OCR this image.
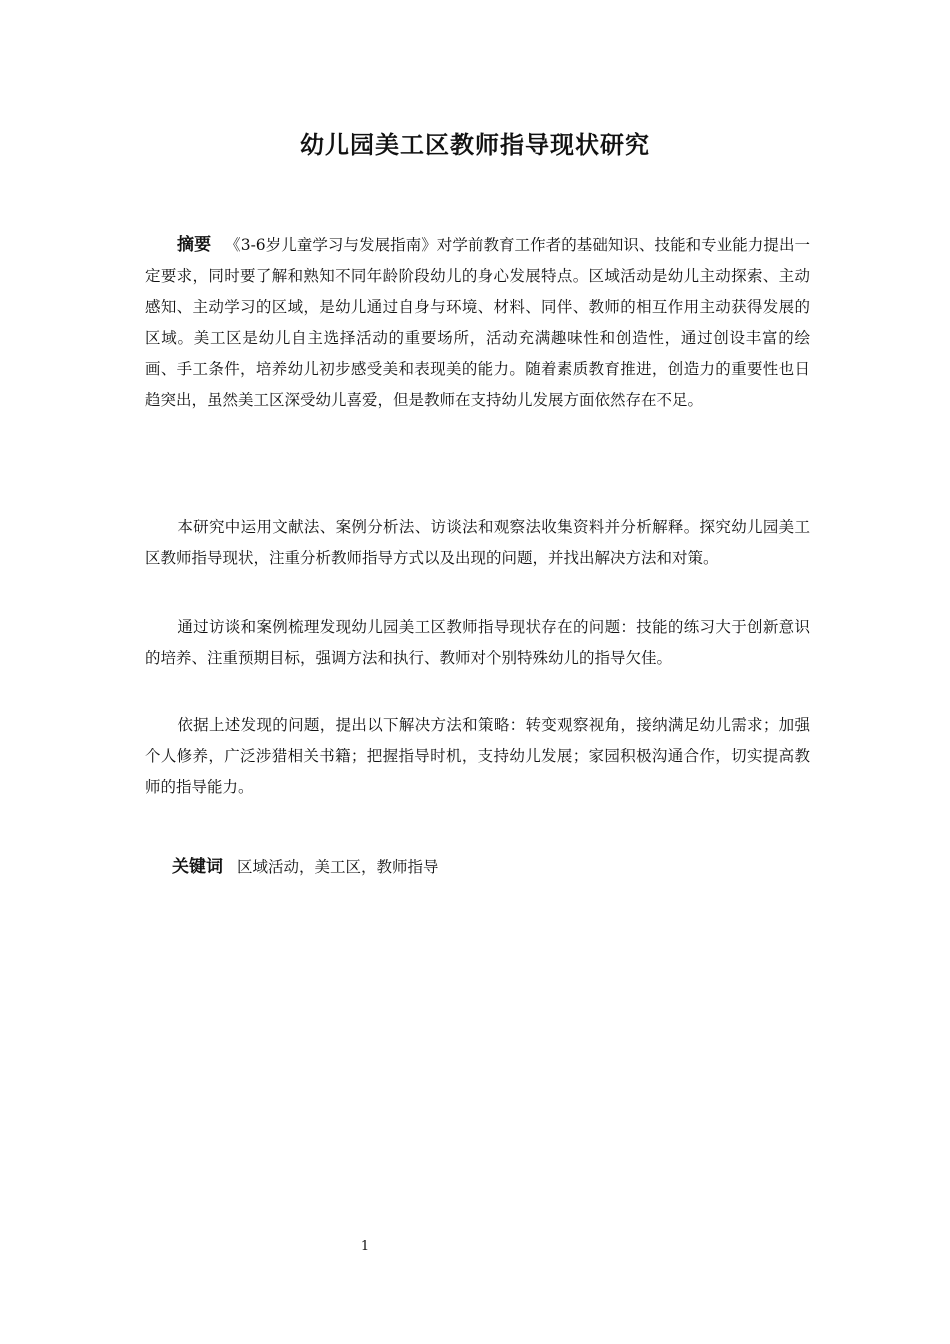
幼儿园美工区教师指导现状研究
摘要 《3-6岁儿童学习与发展指南》对学前教育工作者的基础知识、技能和专业能力提出一定要求，同时要了解和熟知不同年龄阶段幼儿的身心发展特点。区域活动是幼儿主动探索、主动感知、主动学习的区域，是幼儿通过自身与环境、材料、同伴、教师的相互作用主动获得发展的区域。美工区是幼儿自主选择活动的重要场所，活动充满趣味性和创造性，通过创设丰富的绘画、手工条件，培养幼儿初步感受美和表现美的能力。随着素质教育推进，创造力的重要性也日趋突出，虽然美工区深受幼儿喜爱，但是教师在支持幼儿发展方面依然存在不足。
本研究中运用文献法、案例分析法、访谈法和观察法收集资料并分析解释。探究幼儿园美工区教师指导现状，注重分析教师指导方式以及出现的问题，并找出解决方法和对策。
通过访谈和案例梳理发现幼儿园美工区教师指导现状存在的问题：技能的练习大于创新意识的培养、注重预期目标，强调方法和执行、教师对个别特殊幼儿的指导欠佳。
依据上述发现的问题，提出以下解决方法和策略：转变观察视角，接纳满足幼儿需求；加强个人修养，广泛涉猎相关书籍；把握指导时机，支持幼儿发展；家园积极沟通合作，切实提高教师的指导能力。
关键词 区域活动，美工区，教师指导
1
